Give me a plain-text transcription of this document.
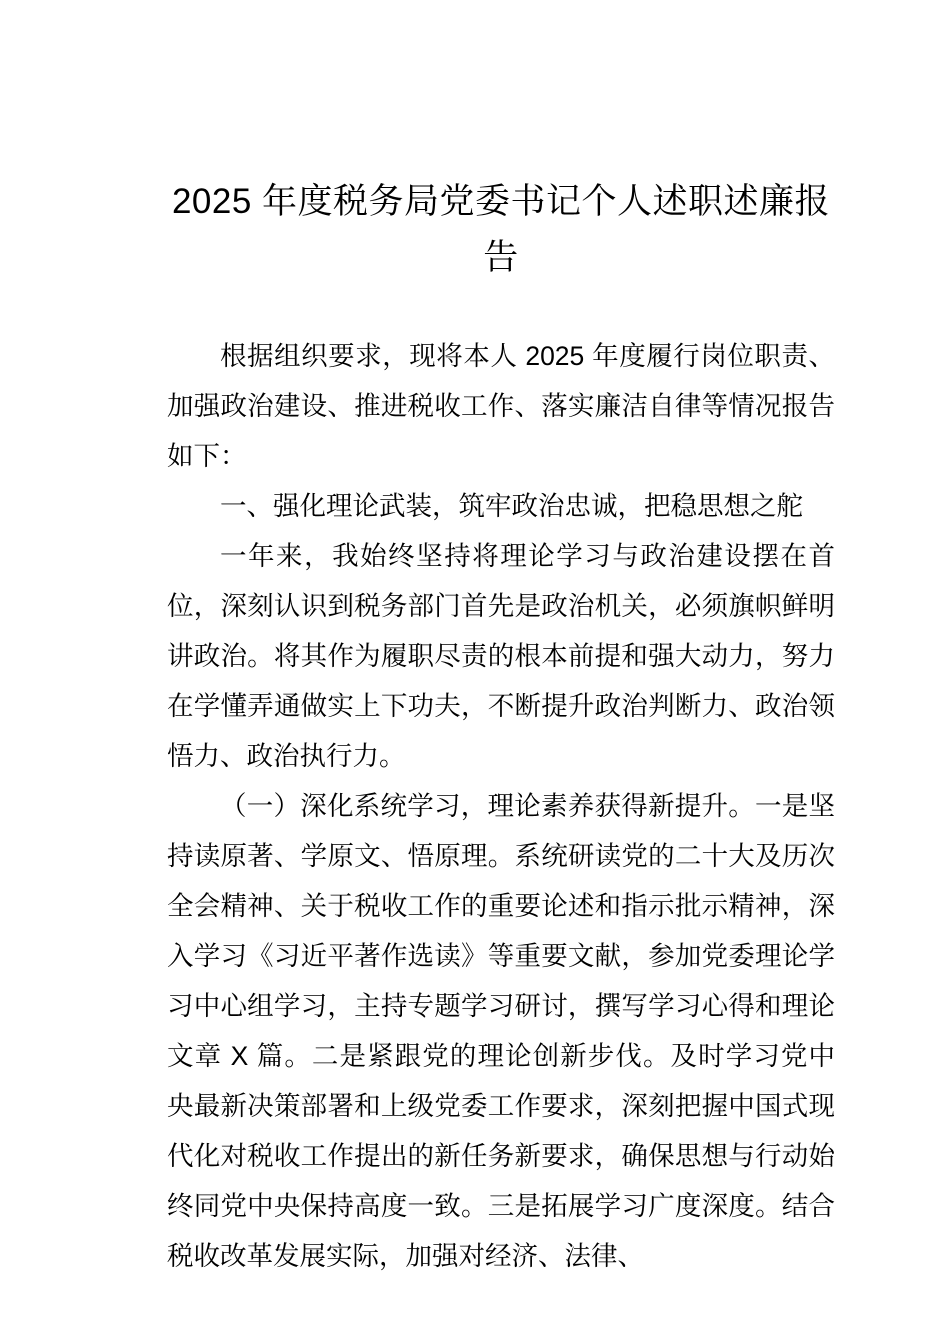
2025 年度税务局党委书记个人述职述廉报告

根据组织要求，现将本人 2025 年度履行岗位职责、加强政治建设、推进税收工作、落实廉洁自律等情况报告如下：

一、强化理论武装，筑牢政治忠诚，把稳思想之舵

一年来，我始终坚持将理论学习与政治建设摆在首位，深刻认识到税务部门首先是政治机关，必须旗帜鲜明讲政治。将其作为履职尽责的根本前提和强大动力，努力在学懂弄通做实上下功夫，不断提升政治判断力、政治领悟力、政治执行力。

（一）深化系统学习，理论素养获得新提升。一是坚持读原著、学原文、悟原理。系统研读党的二十大及历次全会精神、关于税收工作的重要论述和指示批示精神，深入学习《习近平著作选读》等重要文献，参加党委理论学习中心组学习，主持专题学习研讨，撰写学习心得和理论文章 X 篇。二是紧跟党的理论创新步伐。及时学习党中央最新决策部署和上级党委工作要求，深刻把握中国式现代化对税收工作提出的新任务新要求，确保思想与行动始终同党中央保持高度一致。三是拓展学习广度深度。结合税收改革发展实际，加强对经济、法律、
